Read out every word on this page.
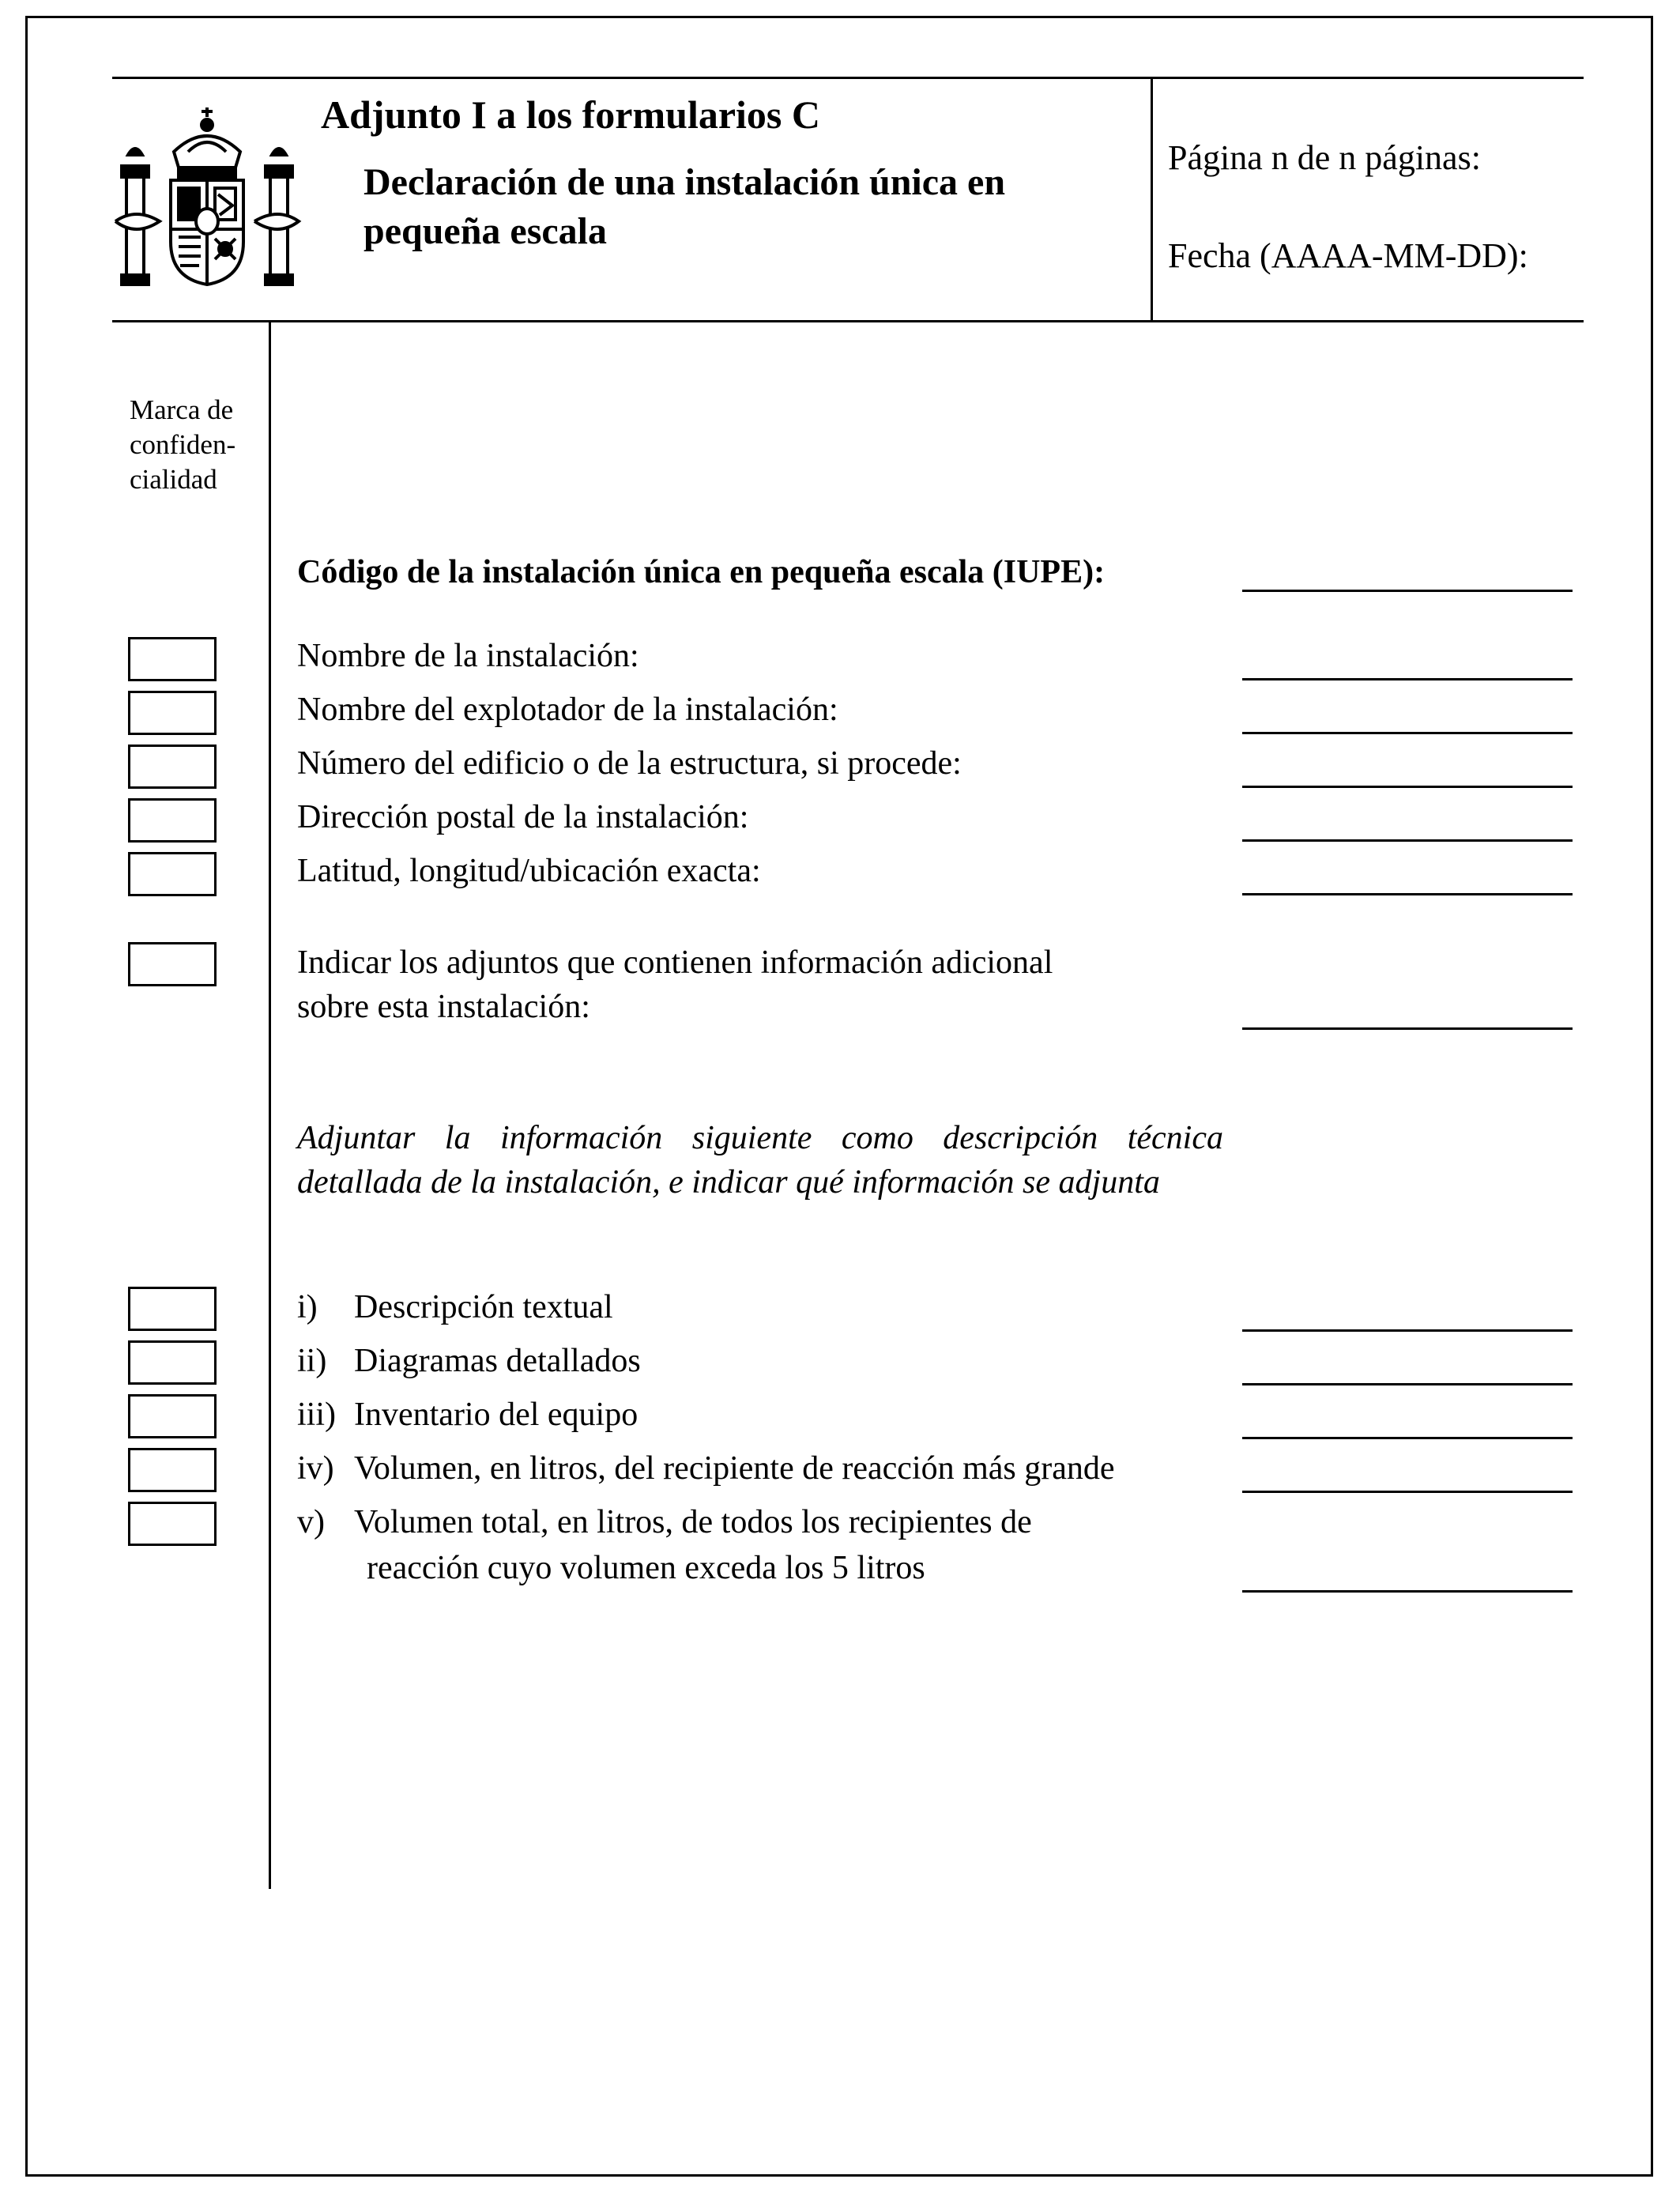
Adjunto I a los formularios C
Declaración de una instalación única en pequeña escala
Página n de n páginas:
Fecha (AAAA-MM-DD):
Marca de confiden- cialidad
Código de la instalación única en pequeña escala (IUPE):
Nombre de la instalación:
Nombre del explotador de la instalación:
Número del edificio o de la estructura, si procede:
Dirección postal de la instalación:
Latitud, longitud/ubicación exacta:
Indicar los adjuntos que contienen información adicional
sobre esta instalación:
Adjuntar la información siguiente como descripción técnica detallada de la instalación, e indicar qué información se adjunta
i) Descripción textual
ii) Diagramas detallados
iii) Inventario del equipo
iv) Volumen, en litros, del recipiente de reacción más grande
v) Volumen total, en litros, de todos los recipientes de
reacción cuyo volumen exceda los 5 litros
